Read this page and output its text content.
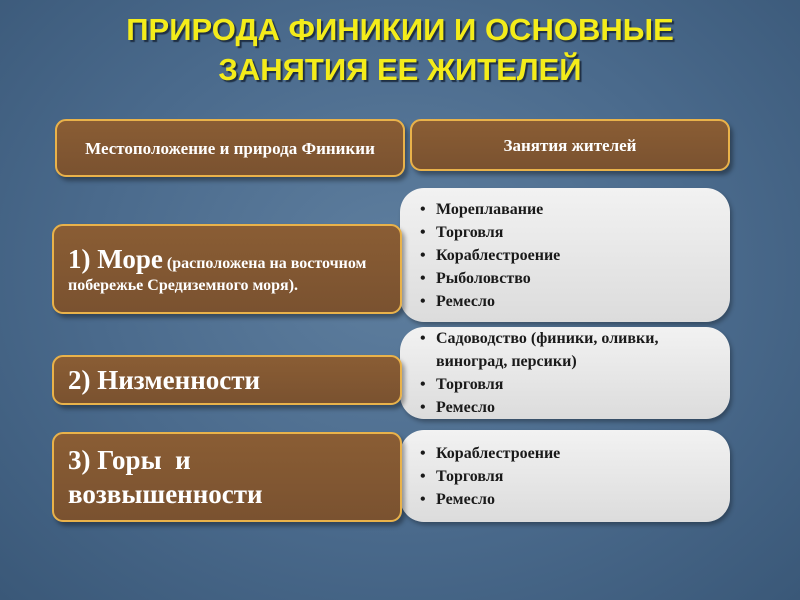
ПРИРОДА ФИНИКИИ И ОСНОВНЫЕ
ЗАНЯТИЯ ЕЕ ЖИТЕЛЕЙ
Местоположение и природа Финикии	Занятия жителей
• Мореплавание
• Торговля
• Кораблестроение
• Рыболовство
• Ремесло
1) Море (расположена на восточном побережье Средиземного моря).
• Садоводство (финики, оливки, виноград, персики)
• Торговля
• Ремесло
2) Низменности
• Кораблестроение
• Торговля
• Ремесло
3) Горы  и возвышенности
